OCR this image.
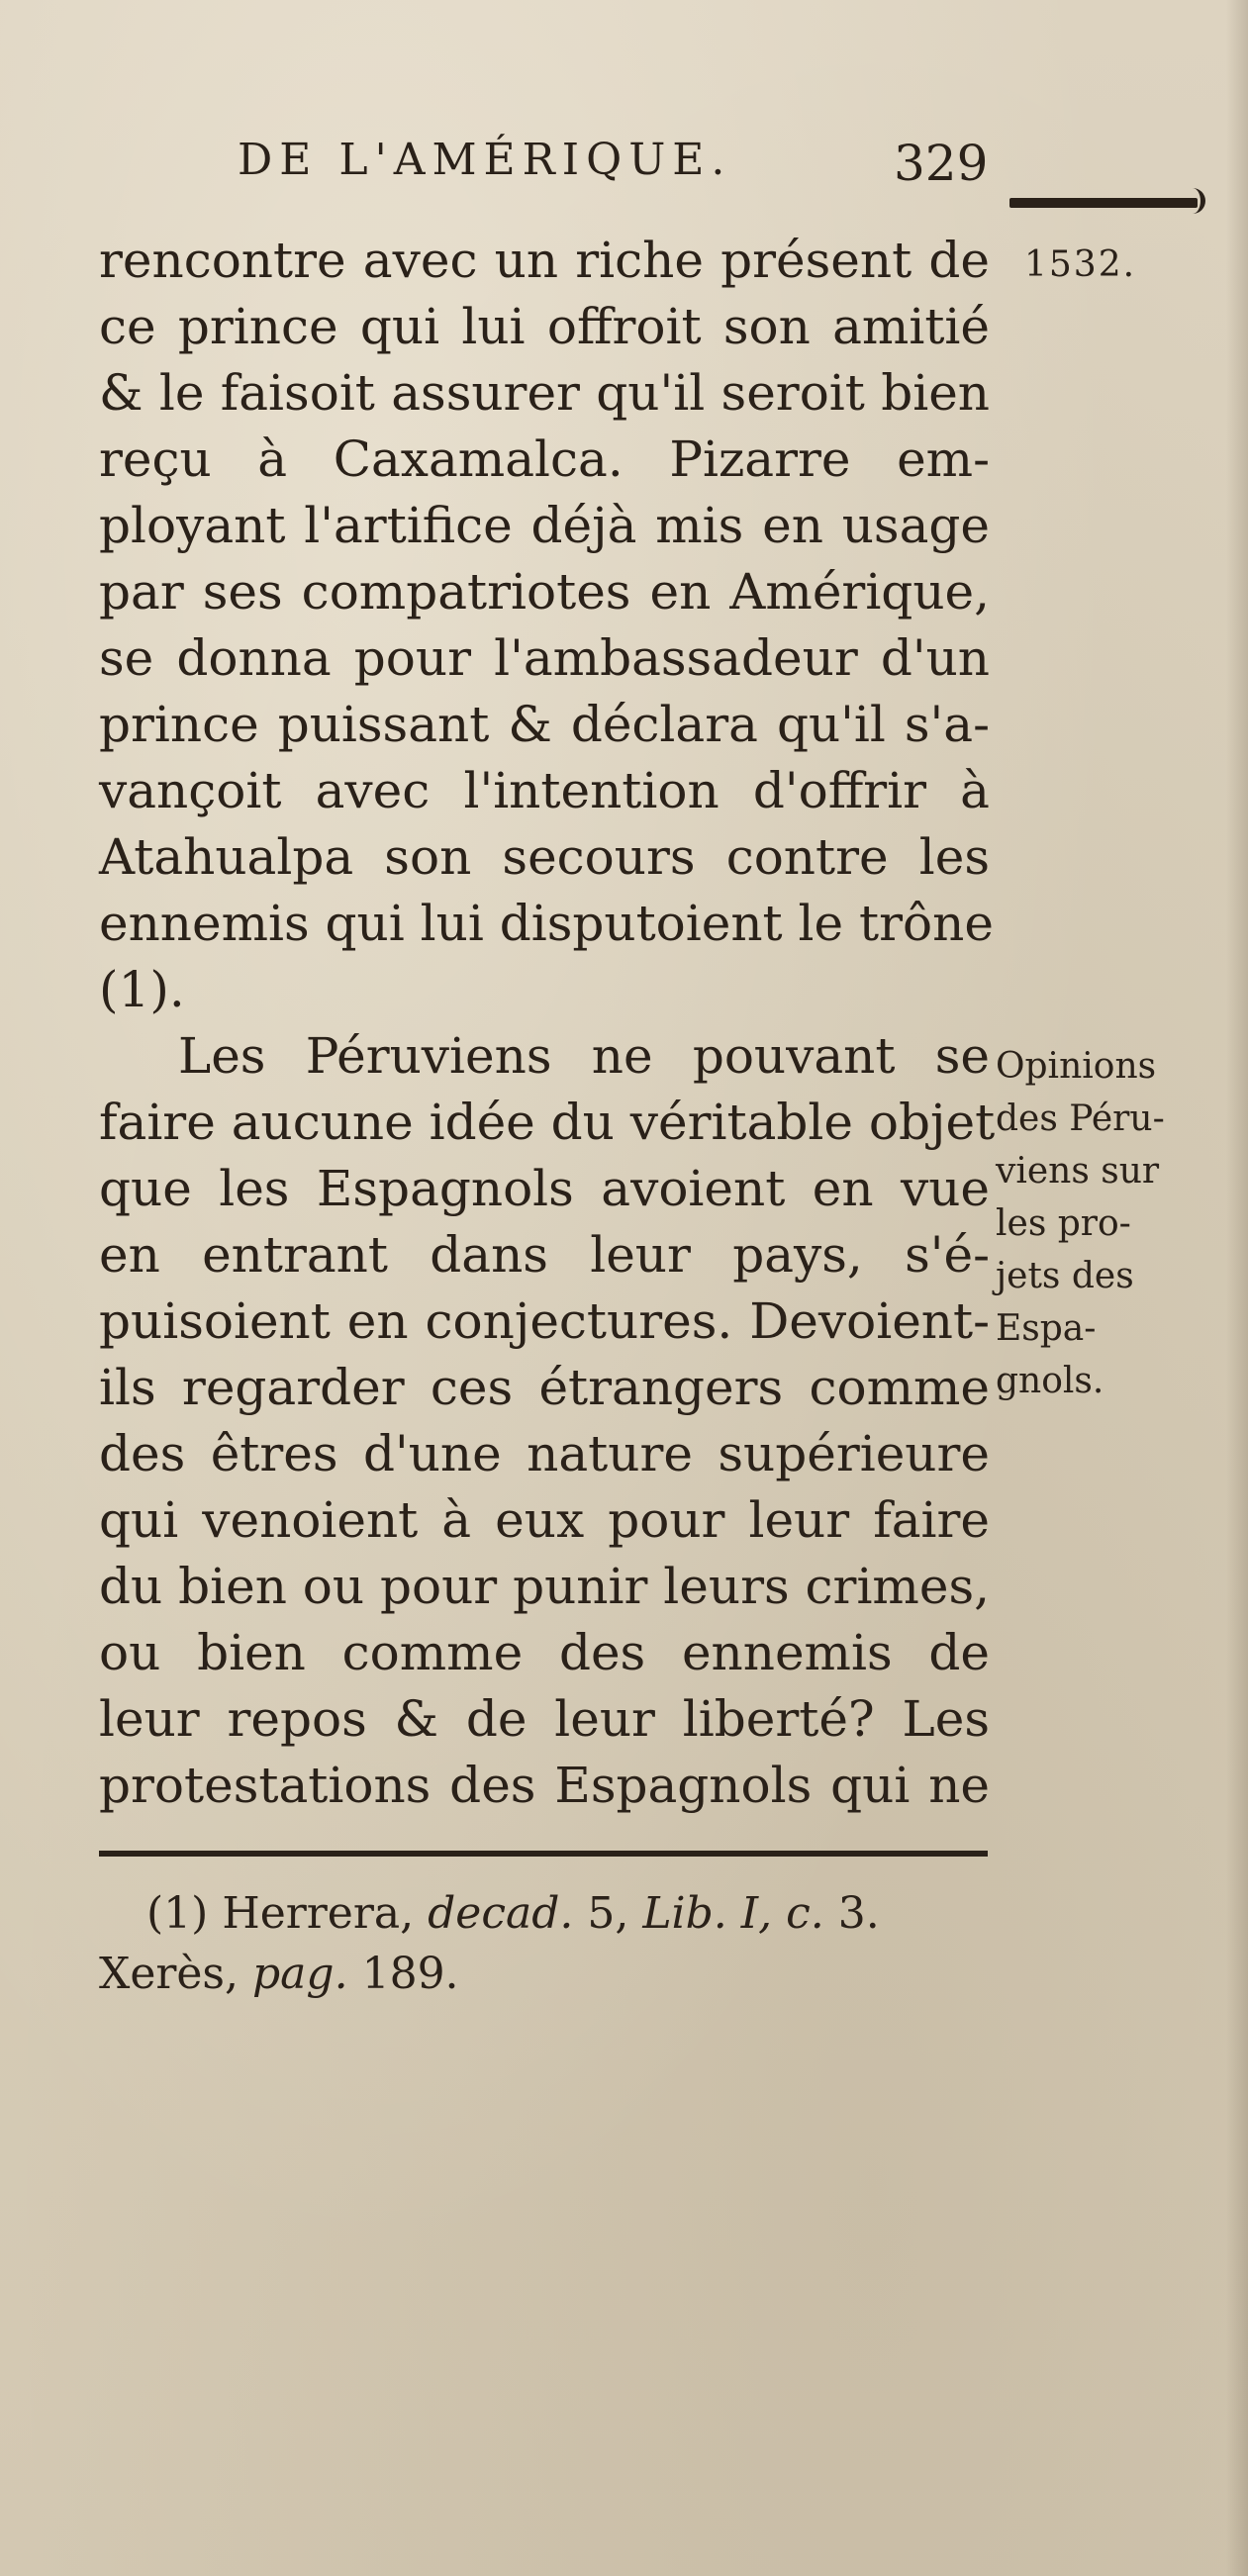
DE L'AMÉRIQUE.	329
1532.
Opinions
des Péru-
viens sur
les pro-
jets des
Espa-
gnols.
rencontre avec un riche présent de
ce prince qui lui offroit son amitié
& le faisoit assurer qu'il seroit bien
reçu à Caxamalca. Pizarre em-
ployant l'artifice déjà mis en usage
par ses compatriotes en Amérique,
se donna pour l'ambassadeur d'un
prince puissant & déclara qu'il s'a-
vançoit avec l'intention d'offrir à
Atahualpa son secours contre les
ennemis qui lui disputoient le trône
(1).
Les Péruviens ne pouvant se
faire aucune idée du véritable objet
que les Espagnols avoient en vue
en entrant dans leur pays, s'é-
puisoient en conjectures. Devoient-
ils regarder ces étrangers comme
des êtres d'une nature supérieure
qui venoient à eux pour leur faire
du bien ou pour punir leurs crimes,
ou bien comme des ennemis de
leur repos & de leur liberté? Les
protestations des Espagnols qui ne
(1) Herrera, decad. 5, Lib. I, c. 3.
Xerès, pag. 189.
